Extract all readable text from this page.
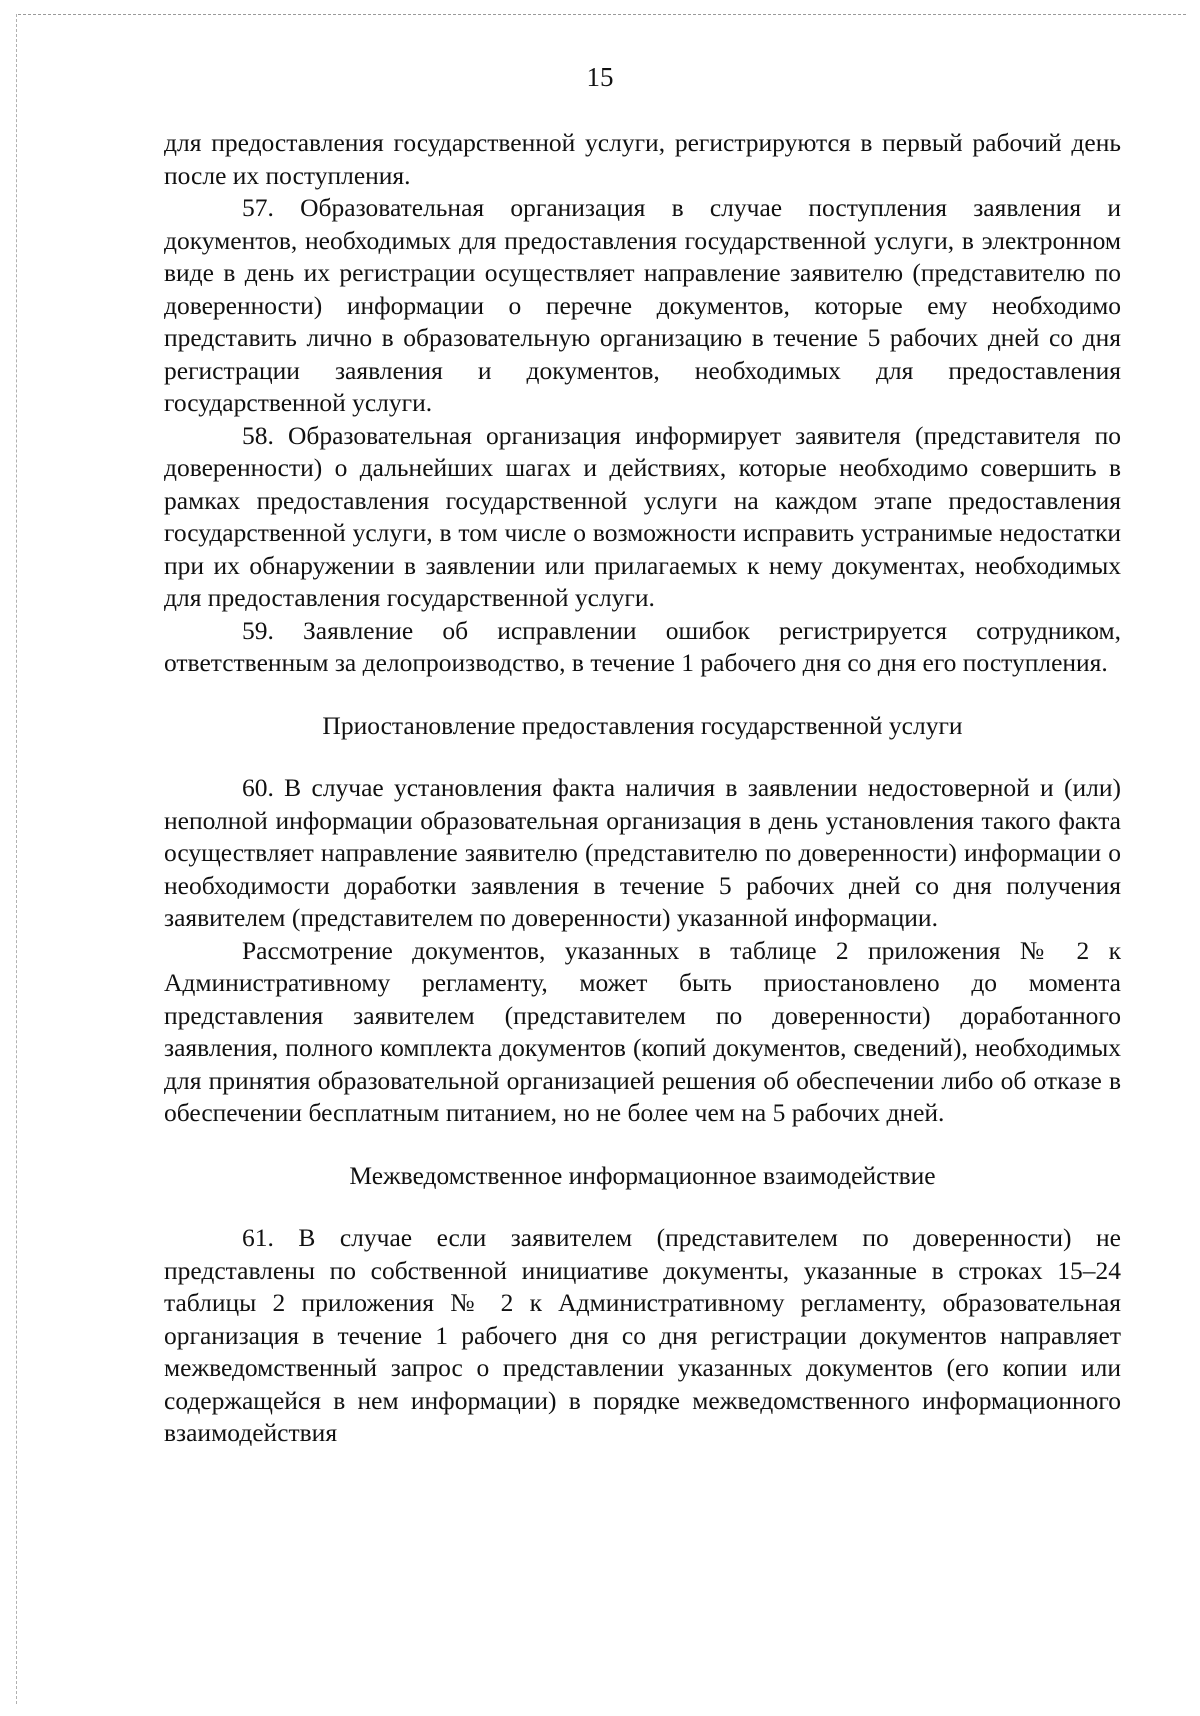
15

для предоставления государственной услуги, регистрируются в первый рабочий день после их поступления.

57. Образовательная организация в случае поступления заявления и документов, необходимых для предоставления государственной услуги, в электронном виде в день их регистрации осуществляет направление заявителю (представителю по доверенности) информации о перечне документов, которые ему необходимо представить лично в образовательную организацию в течение 5 рабочих дней со дня регистрации заявления и документов, необходимых для предоставления государственной услуги.

58. Образовательная организация информирует заявителя (представителя по доверенности) о дальнейших шагах и действиях, которые необходимо совершить в рамках предоставления государственной услуги на каждом этапе предоставления государственной услуги, в том числе о возможности исправить устранимые недостатки при их обнаружении в заявлении или прилагаемых к нему документах, необходимых для предоставления государственной услуги.

59. Заявление об исправлении ошибок регистрируется сотрудником, ответственным за делопроизводство, в течение 1 рабочего дня со дня его поступления.

Приостановление предоставления государственной услуги

60. В случае установления факта наличия в заявлении недостоверной и (или) неполной информации образовательная организация в день установления такого факта осуществляет направление заявителю (представителю по доверенности) информации о необходимости доработки заявления в течение 5 рабочих дней со дня получения заявителем (представителем по доверенности) указанной информации.

Рассмотрение документов, указанных в таблице 2 приложения № 2 к Административному регламенту, может быть приостановлено до момента представления заявителем (представителем по доверенности) доработанного заявления, полного комплекта документов (копий документов, сведений), необходимых для принятия образовательной организацией решения об обеспечении либо об отказе в обеспечении бесплатным питанием, но не более чем на 5 рабочих дней.

Межведомственное информационное взаимодействие

61. В случае если заявителем (представителем по доверенности) не представлены по собственной инициативе документы, указанные в строках 15–24 таблицы 2 приложения № 2 к Административному регламенту, образовательная организация в течение 1 рабочего дня со дня регистрации документов направляет межведомственный запрос о представлении указанных документов (его копии или содержащейся в нем информации) в порядке межведомственного информационного взаимодействия
